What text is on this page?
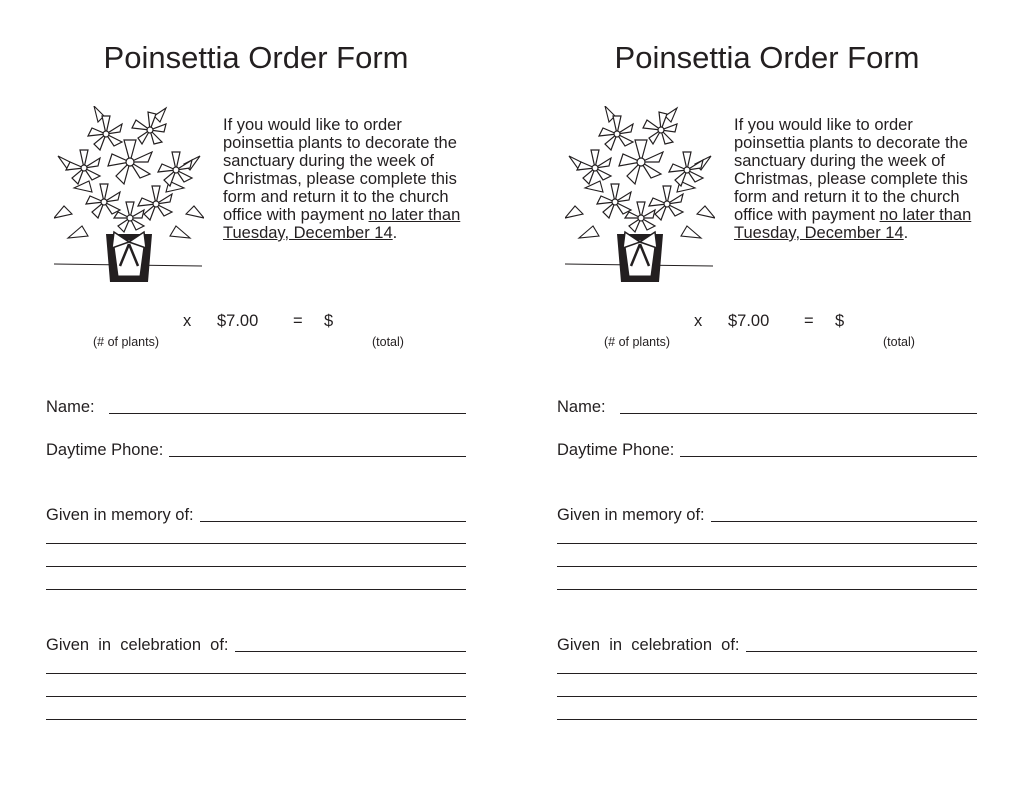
Poinsettia Order Form

If you would like to order poinsettia plants to decorate the sanctuary during the week of Christmas, please complete this form and return it to the church office with payment no later than Tuesday, December 14.

x $7.00 = $
(# of plants)	(total)
Name:
Daytime Phone:
Given in memory of:
Given  in  celebration  of:
Poinsettia Order Form

If you would like to order poinsettia plants to decorate the sanctuary during the week of Christmas, please complete this form and return it to the church office with payment no later than Tuesday, December 14.

x $7.00 = $
(# of plants)	(total)
Name:
Daytime Phone:
Given in memory of:
Given  in  celebration  of:
